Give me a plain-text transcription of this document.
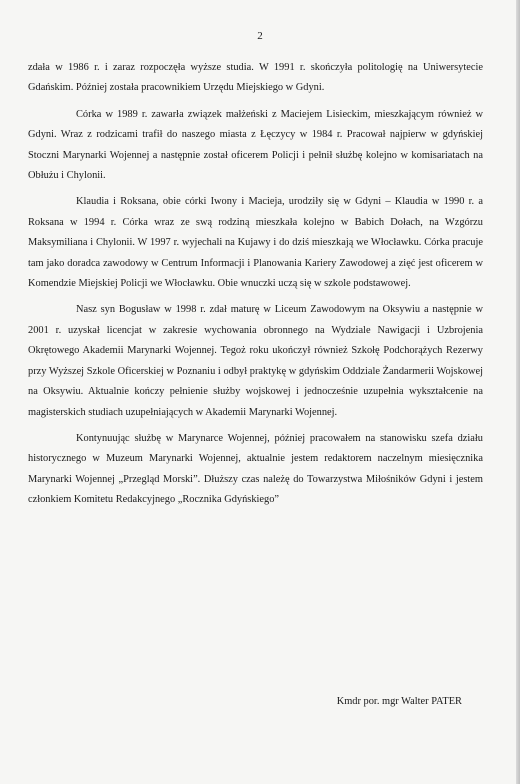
2

zdała w 1986 r. i zaraz rozpoczęła wyższe studia. W 1991 r. skończyła politologię na Uniwersytecie Gdańskim. Później została pracownikiem Urzędu Miejskiego w Gdyni.

Córka w 1989 r. zawarła związek małżeński z Maciejem Lisieckim, mieszkającym również w Gdyni. Wraz z rodzicami trafił do naszego miasta z Łęczycy w 1984 r. Pracował najpierw w gdyńskiej Stoczni Marynarki Wojennej a następnie został oficerem Policji i pełnił służbę kolejno w komisariatach na Obłużu i Chylonii.

Klaudia i Roksana, obie córki Iwony i Macieja, urodziły się w Gdyni – Klaudia w 1990 r. a Roksana w 1994 r. Córka wraz ze swą rodziną mieszkała kolejno w Babich Dołach, na Wzgórzu Maksymiliana i Chylonii. W 1997 r. wyjechali na Kujawy i do dziś mieszkają we Włocławku. Córka pracuje tam jako doradca zawodowy w Centrum Informacji i Planowania Kariery Zawodowej a zięć jest oficerem w Komendzie Miejskiej Policji we Włocławku. Obie wnuczki uczą się w szkole podstawowej.

Nasz syn Bogusław w 1998 r. zdał maturę w Liceum Zawodowym na Oksywiu a następnie w 2001 r. uzyskał licencjat w zakresie wychowania obronnego na Wydziale Nawigacji i Uzbrojenia Okrętowego Akademii Marynarki Wojennej. Tegoż roku ukończył również Szkołę Podchorążych Rezerwy przy Wyższej Szkole Oficerskiej w Poznaniu i odbył praktykę w gdyńskim Oddziale Żandarmerii Wojskowej na Oksywiu. Aktualnie kończy pełnienie służby wojskowej i jednocześnie uzupełnia wykształcenie na magisterskich studiach uzupełniających w Akademii Marynarki Wojennej.

Kontynuując służbę w Marynarce Wojennej, później pracowałem na stanowisku szefa działu historycznego w Muzeum Marynarki Wojennej, aktualnie jestem redaktorem naczelnym miesięcznika Marynarki Wojennej „Przegląd Morski”. Dłuższy czas należę do Towarzystwa Miłośników Gdyni i jestem członkiem Komitetu Redakcyjnego „Rocznika Gdyńskiego”

Kmdr por. mgr Walter PATER
